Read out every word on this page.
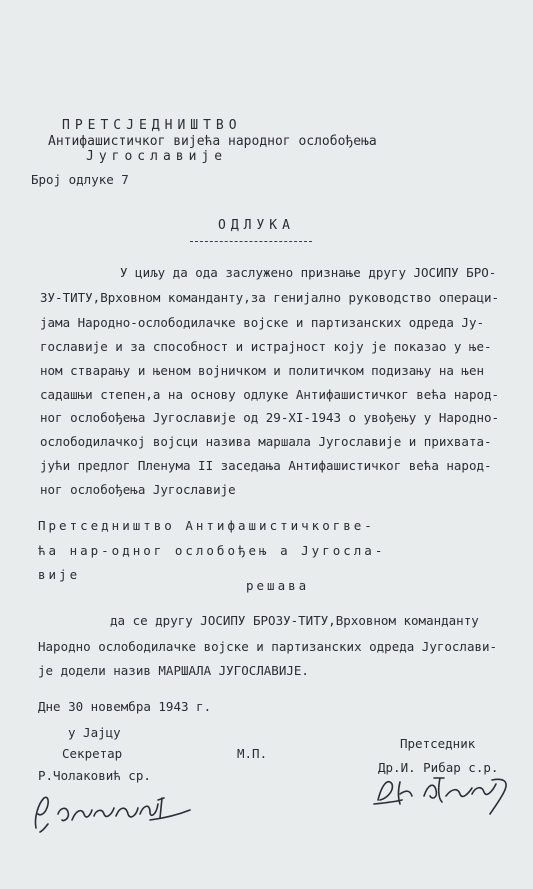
ПРЕТСЈЕДНИШТВО
Антифашистичког вијећа народног ослобођења
Југославије
Број одлуке 7
ОДЛУКА
У циљу да ода заслужено признање другу ЈОСИПУ БРО-
ЗУ-ТИТУ,Врховном команданту,за генијално руководство операци-
јама Народно-ослободилачке војске и партизанских одреда Ју-
гославије и за способност и истрајност коју је показао у ње-
ном стварању и њеном војничком и политичком подизању на њен
садашњи степен,а на основу одлуке Антифашистичког већа народ-
ног ослобођења Југославије од 29-XI-1943 о увођењу у Народно-
ослободилачкој војсци назива маршала Југославије и прихвата-
јући предлог Пленума II заседања Антифашистичког већа народ-
ног ослобођења Југославије
Претседништво Антифашистичкогве-
ћа нар-одног ослобођењ а Југосла-
вије
решава
да се другу ЈОСИПУ БРОЗУ-ТИТУ,Врховном команданту
Народно ослободилачке војске и партизанских одреда Југослави-
је додели назив МАРШАЛА ЈУГОСЛАВИЈЕ.
Дне 30 новембра 1943 г.
у Јајцу
Секретар
Р.Чолаковић ср.
М.П.
Претседник
Др.И. Рибар с.р.
